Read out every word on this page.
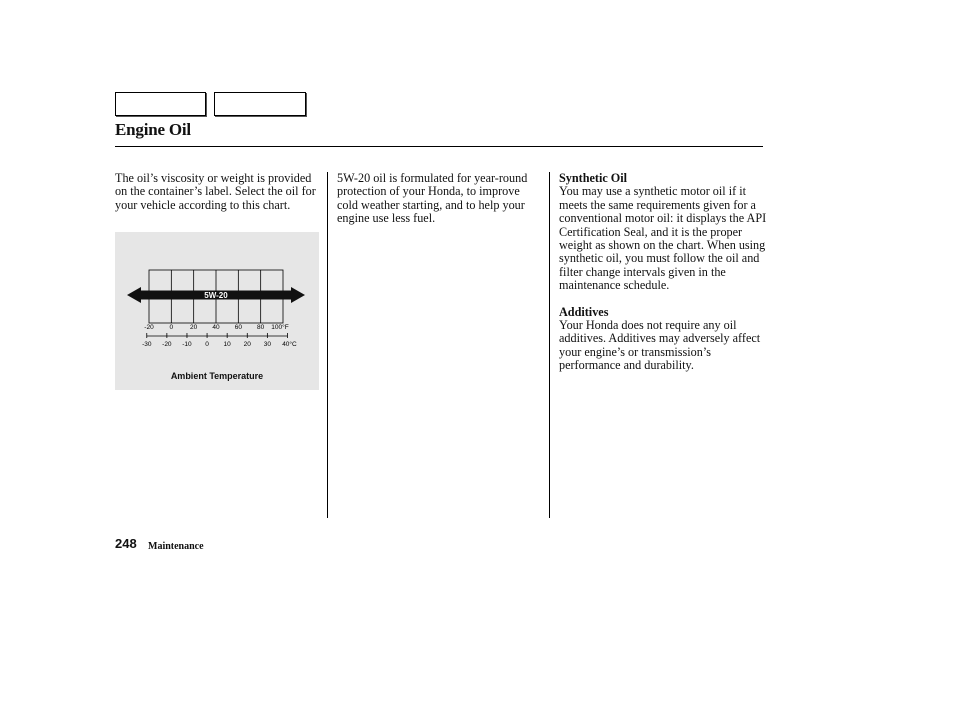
Engine Oil

The oil’s viscosity or weight is provided on the container’s label. Select the oil for your vehicle according to this chart.

5W-20
-20 0	20 40 60 80 100°F
-30 -20 -10 0 10 20 30 40°C
Ambient Temperature

5W-20 oil is formulated for year-round protection of your Honda, to improve cold weather starting, and to help your engine use less fuel.

Synthetic Oil

You may use a synthetic motor oil if it meets the same requirements given for a conventional motor oil: it displays the API Certification Seal, and it is the proper weight as shown on the chart. When using synthetic oil, you must follow the oil and filter change intervals given in the maintenance schedule.

Additives

Your Honda does not require any oil additives. Additives may adversely affect your engine’s or transmission’s performance and durability.

248 Maintenance
